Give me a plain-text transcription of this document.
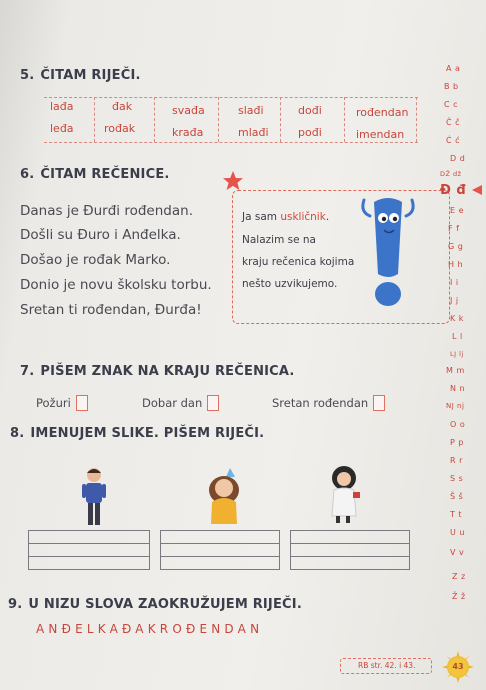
5. ČITAM RIJEČI.
lađa	đak	svađa	slađi	dođi	rođendan
leđa	rođak	krađa	mlađi	pođi	imendan
6. ČITAM REČENICE.
Danas je Đurđi rođendan.
Došli su Đuro i Anđelka.
Došao je rođak Marko.
Donio je novu školsku torbu.
Sretan ti rođendan, Đurđa!
Ja sam uskličnik.
Nalazim se na
kraju rečenica kojima
nešto uzvikujemo.
7. PIŠEM ZNAK NA KRAJU REČENICA.
Požuri	Dobar dan	Sretan rođendan
8. IMENUJEM SLIKE. PIŠEM RIJEČI.
9. U NIZU SLOVA ZAOKRUŽUJEM RIJEČI.
ANĐELKAĐAKROĐENDAN
A a
B b
C c
Č č
Ć ć
D d
DŽ dž
Đ đ
E e
F f
G g
H h
I i
J j
K k
L l
LJ lj
M m
N n
NJ nj
O o
P p
R r
S s
Š š
T t
U u
V v
Z z
Ž ž
RB str. 42. i 43.	43
